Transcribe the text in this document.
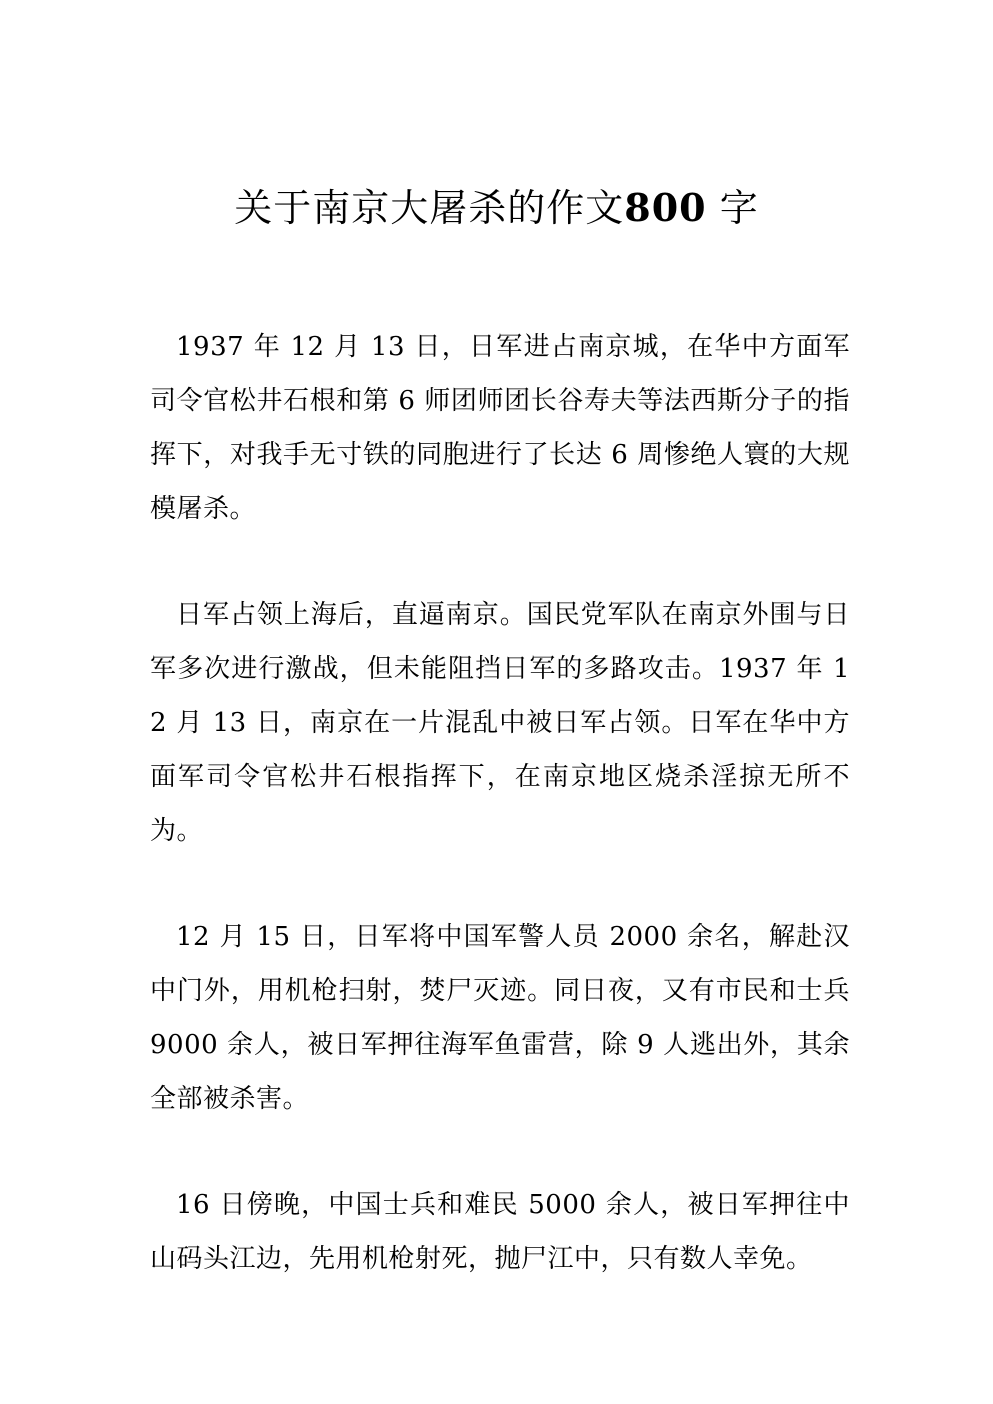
关于南京大屠杀的作文800 字

1937 年 12 月 13 日，日军进占南京城，在华中方面军司令官松井石根和第 6 师团师团长谷寿夫等法西斯分子的指挥下，对我手无寸铁的同胞进行了长达 6 周惨绝人寰的大规模屠杀。

日军占领上海后，直逼南京。国民党军队在南京外围与日军多次进行激战，但未能阻挡日军的多路攻击。1937 年 12 月 13 日，南京在一片混乱中被日军占领。日军在华中方面军司令官松井石根指挥下，在南京地区烧杀淫掠无所不为。

12 月 15 日，日军将中国军警人员 2000 余名，解赴汉中门外，用机枪扫射，焚尸灭迹。同日夜，又有市民和士兵 9000 余人，被日军押往海军鱼雷营，除 9 人逃出外，其余全部被杀害。

16 日傍晚，中国士兵和难民 5000 余人，被日军押往中山码头江边，先用机枪射死，抛尸江中，只有数人幸免。
